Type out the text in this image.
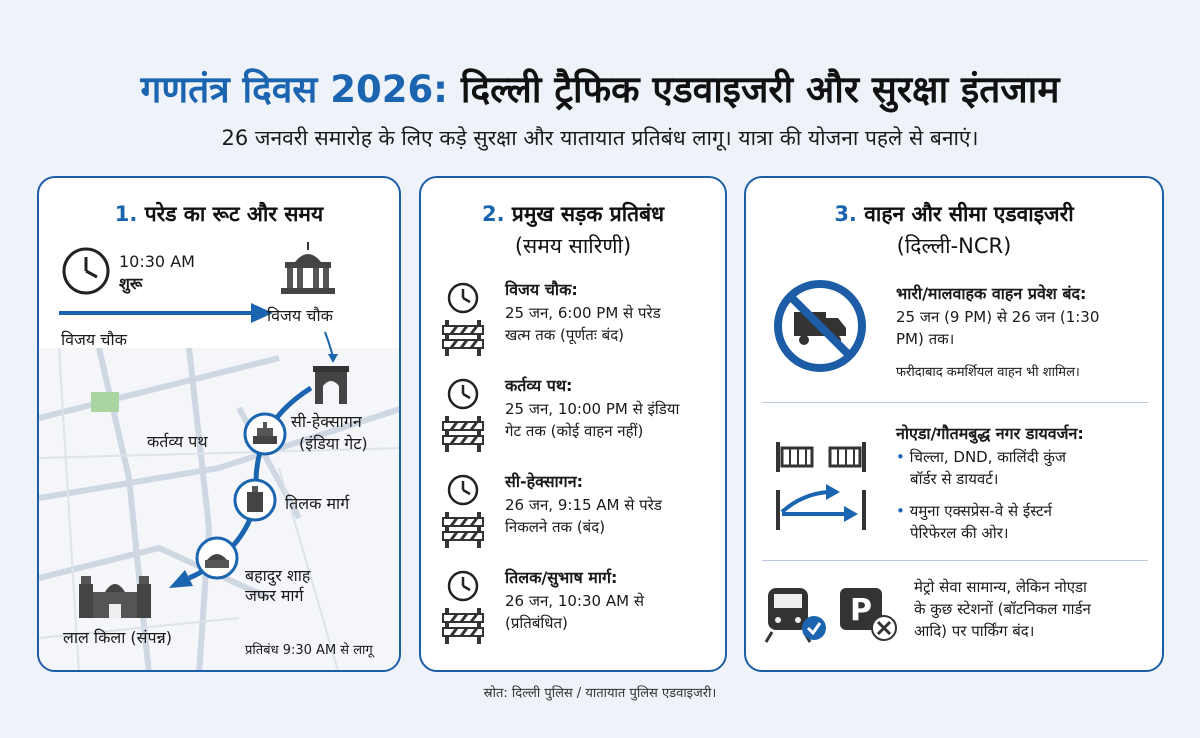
गणतंत्र दिवस 2026: दिल्ली ट्रैफिक एडवाइजरी और सुरक्षा इंतजाम
26 जनवरी समारोह के लिए कड़े सुरक्षा और यातायात प्रतिबंध लागू। यात्रा की योजना पहले से बनाएं।
1. परेड का रूट और समय
10:30 AM
शुरू
विजय चौक
विजय चौक
कर्तव्य पथ
सी-हेक्सागन
(इंडिया गेट)
तिलक मार्ग
बहादुर शाह
जफर मार्ग
लाल किला (संपन्न)
प्रतिबंध 9:30 AM से लागू
2. प्रमुख सड़क प्रतिबंध
(समय सारिणी)
विजय चौक:
25 जन, 6:00 PM से परेड
खत्म तक (पूर्णतः बंद)
कर्तव्य पथ:
25 जन, 10:00 PM से इंडिया
गेट तक (कोई वाहन नहीं)
सी-हेक्सागन:
26 जन, 9:15 AM से परेड
निकलने तक (बंद)
तिलक/सुभाष मार्ग:
26 जन, 10:30 AM से
(प्रतिबंधित)
3. वाहन और सीमा एडवाइजरी
(दिल्ली-NCR)
भारी/मालवाहक वाहन प्रवेश बंद:
25 जन (9 PM) से 26 जन (1:30
PM) तक।
फरीदाबाद कमर्शियल वाहन भी शामिल।
नोएडा/गौतमबुद्ध नगर डायवर्जन:
• चिल्ला, DND, कालिंदी कुंज
बॉर्डर से डायवर्ट।
• यमुना एक्सप्रेस-वे से ईस्टर्न
पेरिफेरल की ओर।
P
मेट्रो सेवा सामान्य, लेकिन नोएडा
के कुछ स्टेशनों (बॉटनिकल गार्डन
आदि) पर पार्किंग बंद।
स्रोत: दिल्ली पुलिस / यातायात पुलिस एडवाइजरी।
